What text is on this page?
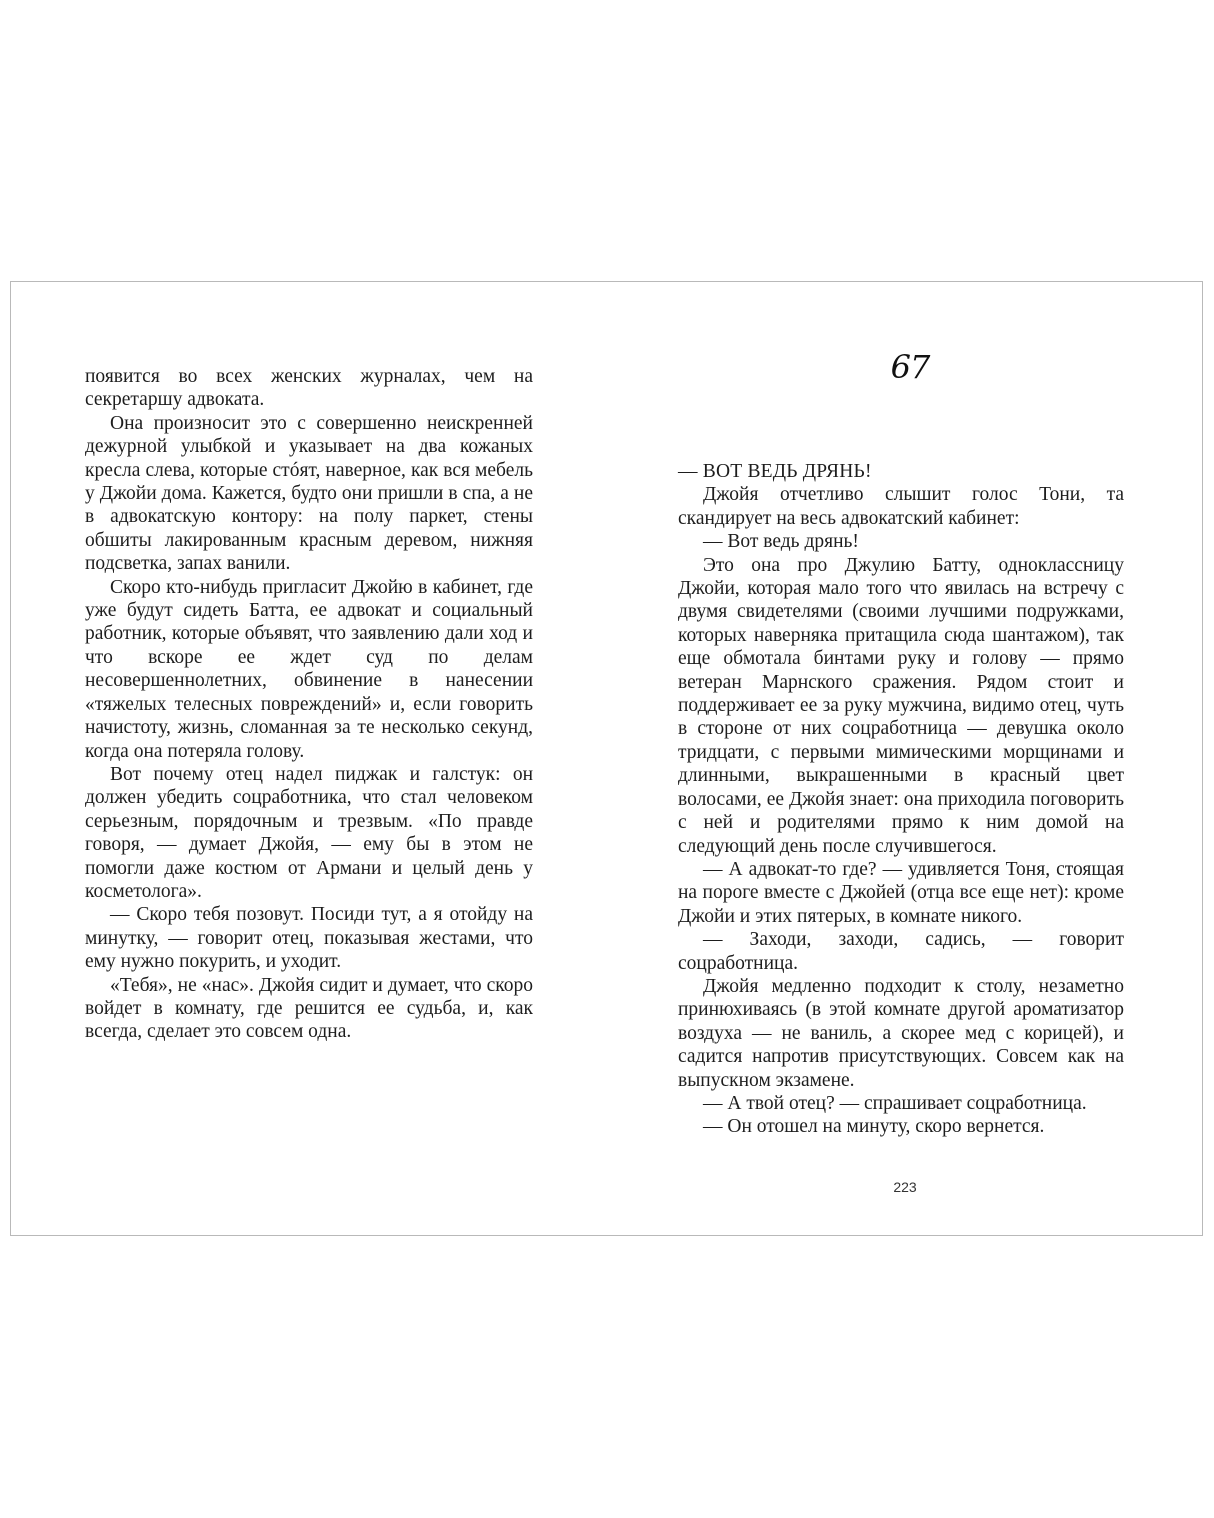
появится во всех женских журналах, чем на секретаршу адвоката.

Она произносит это с совершенно неискренней дежурной улыбкой и указывает на два кожаных кресла слева, которые стóят, наверное, как вся мебель у Джойи дома. Кажется, будто они пришли в спа, а не в адвокатскую контору: на полу паркет, стены обшиты лакированным красным деревом, нижняя подсветка, запах ванили.

Скоро кто-нибудь пригласит Джойю в кабинет, где уже будут сидеть Батта, ее адвокат и социальный работник, которые объявят, что заявлению дали ход и что вскоре ее ждет суд по делам несовершеннолетних, обвинение в нанесении «тяжелых телесных повреждений» и, если говорить начистоту, жизнь, сломанная за те несколько секунд, когда она потеряла голову.

Вот почему отец надел пиджак и галстук: он должен убедить соцработника, что стал человеком серьезным, порядочным и трезвым. «По правде говоря, — думает Джойя, — ему бы в этом не помогли даже костюм от Армани и целый день у косметолога».

— Скоро тебя позовут. Посиди тут, а я отойду на минутку, — говорит отец, показывая жестами, что ему нужно покурить, и уходит.

«Тебя», не «нас». Джойя сидит и думает, что скоро войдет в комнату, где решится ее судьба, и, как всегда, сделает это совсем одна.

67

— ВОТ ВЕДЬ ДРЯНЬ!

Джойя отчетливо слышит голос Тони, та скандирует на весь адвокатский кабинет:

— Вот ведь дрянь!

Это она про Джулию Батту, одноклассницу Джойи, которая мало того что явилась на встречу с двумя свидетелями (своими лучшими подружками, которых наверняка притащила сюда шантажом), так еще обмотала бинтами руку и голову — прямо ветеран Марнского сражения. Рядом стоит и поддерживает ее за руку мужчина, видимо отец, чуть в стороне от них соцработница — девушка около тридцати, с первыми мимическими морщинами и длинными, выкрашенными в красный цвет волосами, ее Джойя знает: она приходила поговорить с ней и родителями прямо к ним домой на следующий день после случившегося.

— А адвокат-то где? — удивляется Тоня, стоящая на пороге вместе с Джойей (отца все еще нет): кроме Джойи и этих пятерых, в комнате никого.

— Заходи, заходи, садись, — говорит соцработница.

Джойя медленно подходит к столу, незаметно принюхиваясь (в этой комнате другой ароматизатор воздуха — не ваниль, а скорее мед с корицей), и садится напротив присутствующих. Совсем как на выпускном экзамене.

— А твой отец? — спрашивает соцработница.

— Он отошел на минуту, скоро вернется.

223
